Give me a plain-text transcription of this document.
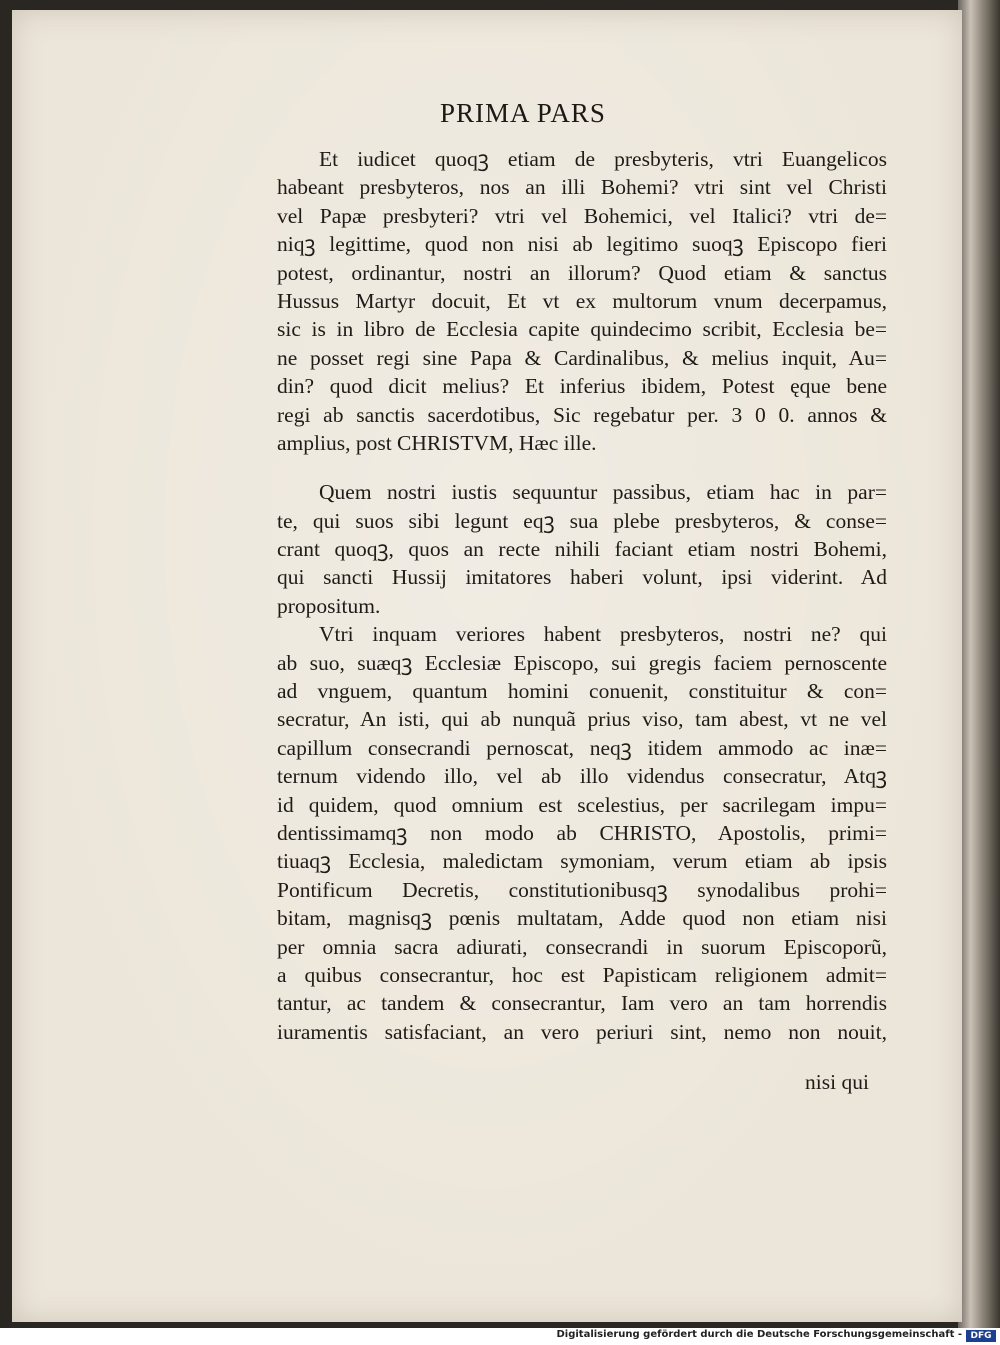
PRIMA PARS
Et iudicet quoqꝫ etiam de presbyteris, vtri Euangelicos
habeant presbyteros, nos an illi Bohemi? vtri sint vel Christi
vel Papæ presbyteri? vtri vel Bohemici, vel Italici? vtri de=
niqꝫ legittime, quod non nisi ab legitimo suoqꝫ Episcopo fieri
potest, ordinantur, nostri an illorum? Quod etiam & sanctus
Hussus Martyr docuit, Et vt ex multorum vnum decerpamus,
sic is in libro de Ecclesia capite quindecimo scribit, Ecclesia be=
ne posset regi sine Papa & Cardinalibus, & melius inquit, Au=
din? quod dicit melius? Et inferius ibidem, Potest ęque bene
regi ab sanctis sacerdotibus, Sic regebatur per. 3 0 0. annos &
amplius, post CHRISTVM, Hæc ille.
Quem nostri iustis sequuntur passibus, etiam hac in par=
te, qui suos sibi legunt eqꝫ sua plebe presbyteros, & conse=
crant quoqꝫ, quos an recte nihili faciant etiam nostri Bohemi,
qui sancti Hussij imitatores haberi volunt, ipsi viderint. Ad
propositum.
Vtri inquam veriores habent presbyteros, nostri ne? qui
ab suo, suæqꝫ Ecclesiæ Episcopo, sui gregis faciem pernoscente
ad vnguem, quantum homini conuenit, constituitur & con=
secratur, An isti, qui ab nunquã prius viso, tam abest, vt ne vel
capillum consecrandi pernoscat, neqꝫ itidem ammodo ac inæ=
ternum videndo illo, vel ab illo videndus consecratur, Atqꝫ
id quidem, quod omnium est scelestius, per sacrilegam impu=
dentissimamqꝫ non modo ab CHRISTO, Apostolis, primi=
tiuaqꝫ Ecclesia, maledictam symoniam, verum etiam ab ipsis
Pontificum Decretis, constitutionibusqꝫ synodalibus prohi=
bitam, magnisqꝫ pœnis multatam, Adde quod non etiam nisi
per omnia sacra adiurati, consecrandi in suorum Episcoporũ,
a quibus consecrantur, hoc est Papisticam religionem admit=
tantur, ac tandem & consecrantur, Iam vero an tam horrendis
iuramentis satisfaciant, an vero periuri sint, nemo non nouit,
nisi qui
Digitalisierung gefördert durch die Deutsche Forschungsgemeinschaft - DFG
